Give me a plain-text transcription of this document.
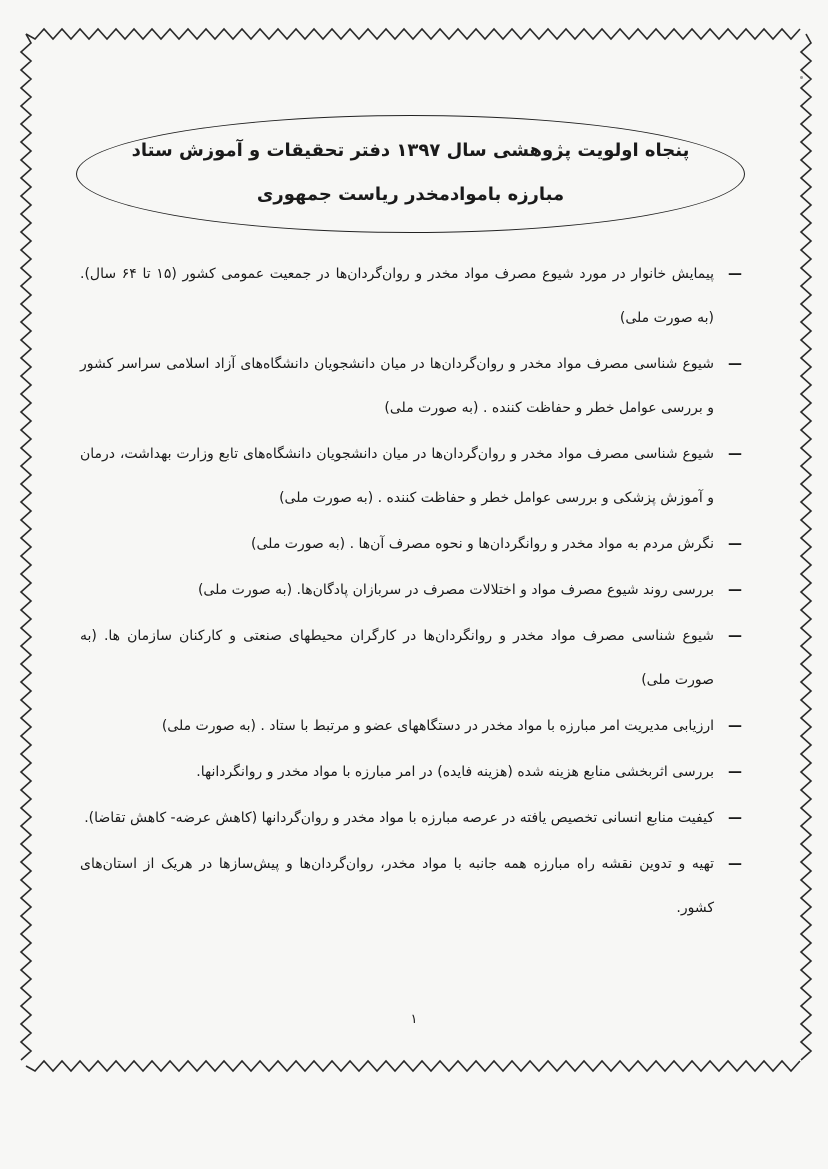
پنجاه اولویت پژوهشی سال ۱۳۹۷ دفتر تحقیقات و آموزش ستاد
مبارزه باموادمخدر ریاست جمهوری
—
پیمایش خانوار در مورد شیوع مصرف مواد مخدر و روان‌گردان‌ها در جمعیت عمومی کشور (۱۵ تا ۶۴ سال). (به صورت ملی)
—
شیوع شناسی مصرف مواد مخدر و روان‌گردان‌ها در میان دانشجویان دانشگاه‌های آزاد اسلامی سراسر کشور و بررسی عوامل خطر و حفاظت کننده . (به صورت ملی)
—
شیوع شناسی مصرف مواد مخدر و روان‌گردان‌ها در میان دانشجویان دانشگاه‌های تابع وزارت بهداشت، درمان و آموزش پزشکی و بررسی عوامل خطر و حفاظت کننده . (به صورت ملی)
—
نگرش مردم به مواد مخدر و روانگردان‌ها و نحوه مصرف آن‌ها . (به صورت ملی)
—
بررسی روند شیوع مصرف مواد و اختلالات مصرف در سربازان پادگان‌ها. (به صورت ملی)
—
شیوع شناسی مصرف مواد مخدر و روانگردان‌ها در کارگران محیطهای صنعتی و کارکنان سازمان ها. (به صورت ملی)
—
ارزیابی مدیریت امر مبارزه با مواد مخدر در دستگاههای عضو و مرتبط با ستاد . (به صورت ملی)
—
بررسی اثربخشی منابع هزینه شده (هزینه فایده) در امر مبارزه با مواد مخدر و روانگردانها.
—
کیفیت منابع انسانی تخصیص یافته در عرصه مبارزه با مواد مخدر و روان‌گردانها (کاهش عرضه- کاهش تقاضا).
—
تهیه و تدوین نقشه راه مبارزه همه جانبه با مواد مخدر، روان‌گردان‌ها و پیش‌سازها در هریک از استان‌های کشور.
۱
